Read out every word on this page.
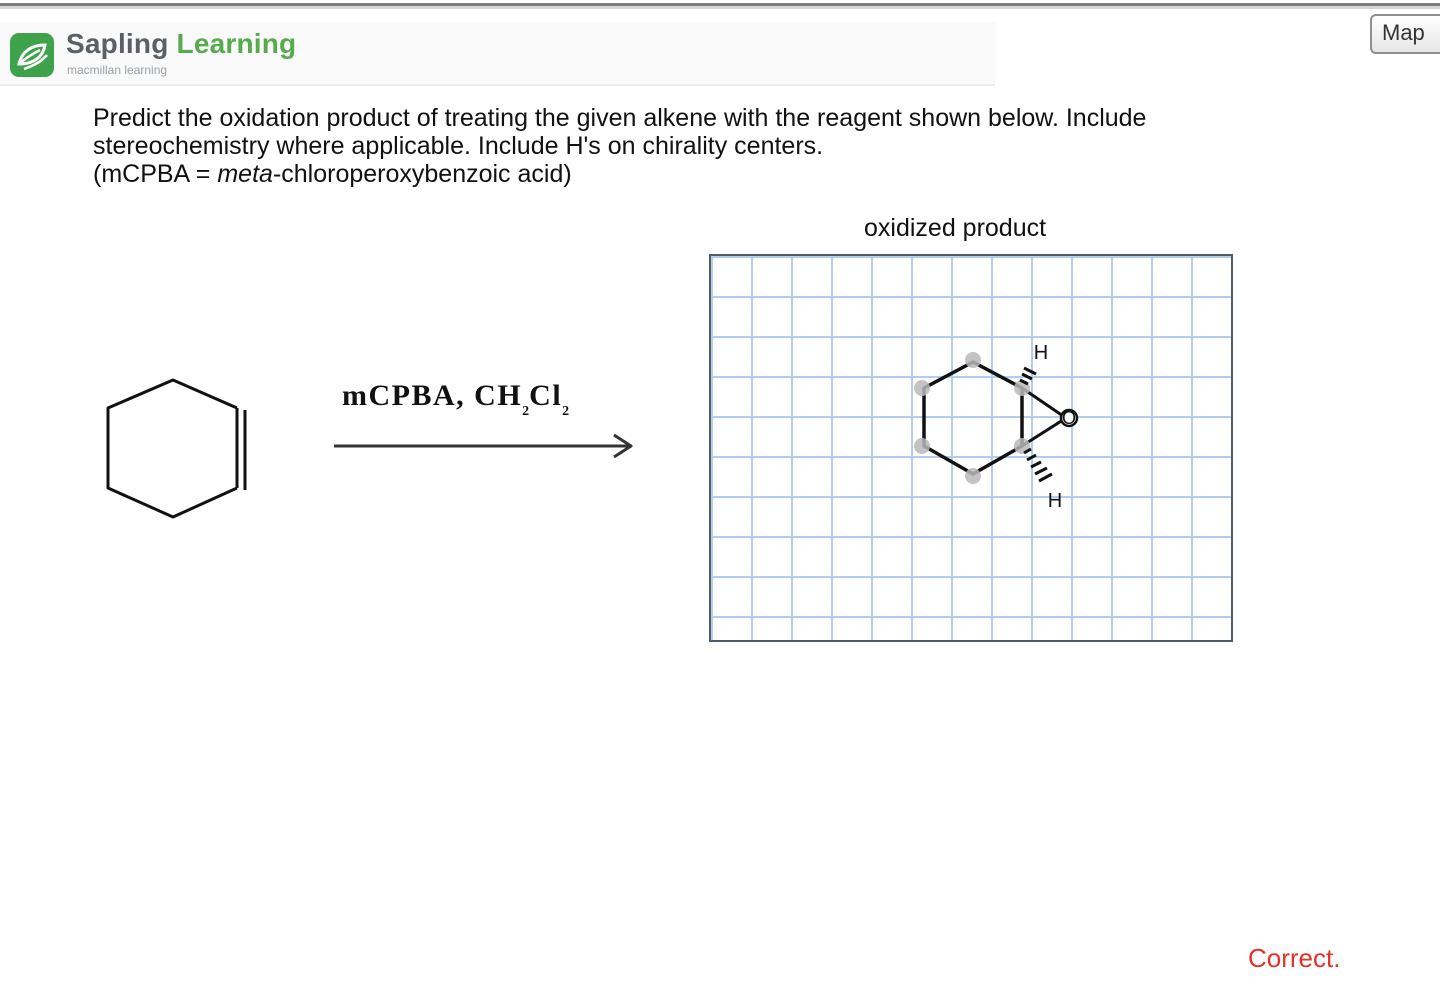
Sapling Learning
macmillan learning
Map
Predict the oxidation product of treating the given alkene with the reagent shown below. Include
stereochemistry where applicable. Include H's on chirality centers.
(mCPBA = meta-chloroperoxybenzoic acid)
mCPBA, $CH_2Cl_2$
oxidized product
O
H
H
Correct.
